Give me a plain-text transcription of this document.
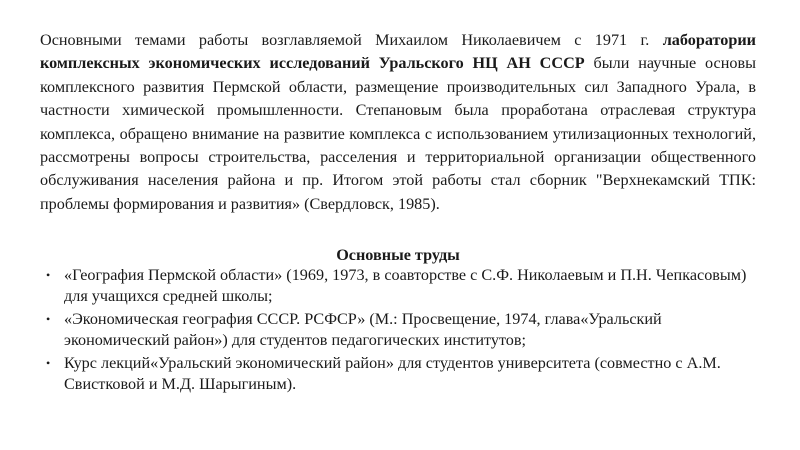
Основными темами работы возглавляемой Михаилом Николаевичем с 1971 г. лаборатории комплексных экономических исследований Уральского НЦ АН СССР были научные основы комплексного развития Пермской области, размещение производительных сил Западного Урала, в частности химической промышленности. Степановым была проработана отраслевая структура комплекса, обращено внимание на развитие комплекса с использованием утилизационных технологий, рассмотрены вопросы строительства, расселения и территориальной организации общественного обслуживания населения района и пр. Итогом этой работы стал сборник "Верхнекамский ТПК: проблемы формирования и развития» (Свердловск, 1985).

Основные труды
• «География Пермской области» (1969, 1973, в соавторстве с С.Ф. Николаевым и П.Н. Чепкасовым) для учащихся средней школы;
• «Экономическая география СССР. РСФСР» (М.: Просвещение, 1974, глава«Уральский экономический район») для студентов педагогических институтов;
• Курс лекций«Уральский экономический район» для студентов университета (совместно с А.М. Свистковой и М.Д. Шарыгиным).
